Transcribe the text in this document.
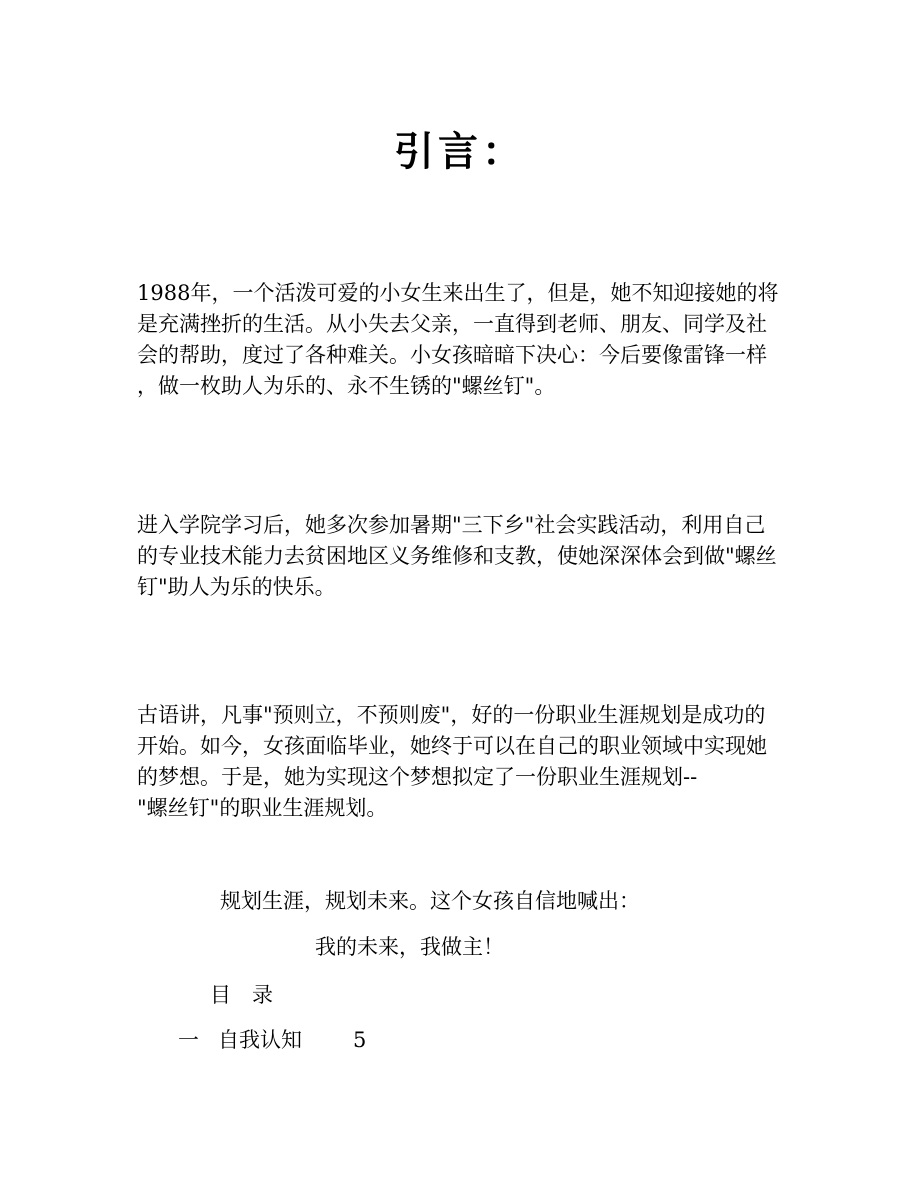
引言：
1988年，一个活泼可爱的小女生来出生了，但是，她不知迎接她的将
是充满挫折的生活。从小失去父亲，一直得到老师、朋友、同学及社
会的帮助，度过了各种难关。小女孩暗暗下决心：今后要像雷锋一样
，做一枚助人为乐的、永不生锈的"螺丝钉"。
进入学院学习后，她多次参加暑期"三下乡"社会实践活动，利用自己
的专业技术能力去贫困地区义务维修和支教，使她深深体会到做"螺丝
钉"助人为乐的快乐。
古语讲，凡事"预则立，不预则废"，好的一份职业生涯规划是成功的
开始。如今，女孩面临毕业，她终于可以在自己的职业领域中实现她
的梦想。于是，她为实现这个梦想拟定了一份职业生涯规划--
"螺丝钉"的职业生涯规划。
规划生涯，规划未来。这个女孩自信地喊出：
我的未来，我做主！
目　录
一 自我认知 5
